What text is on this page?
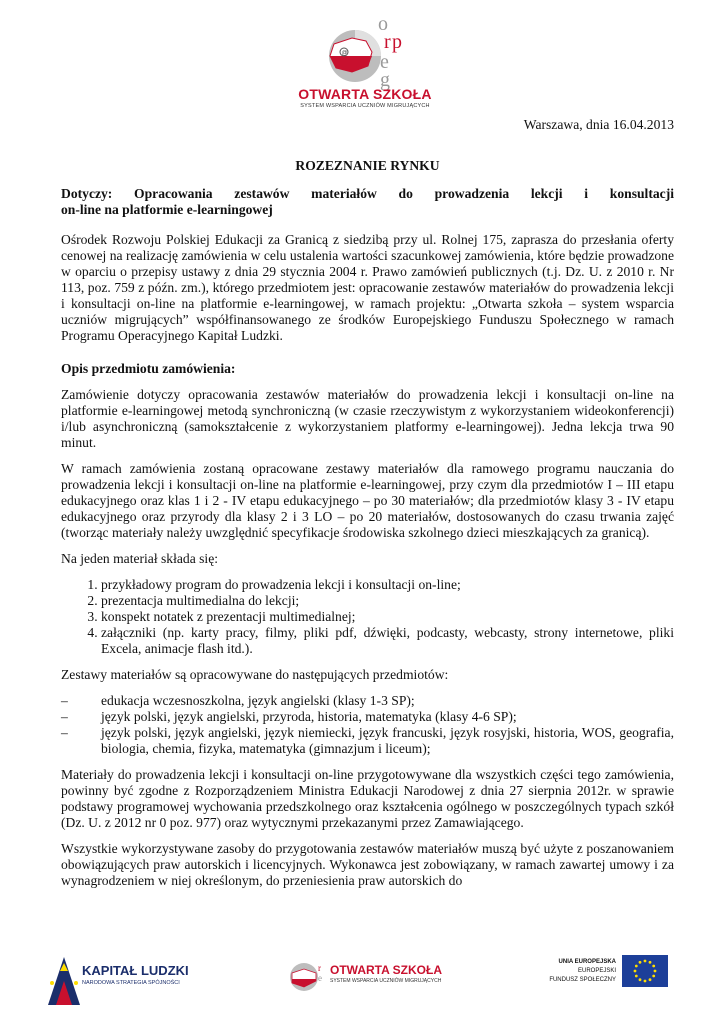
@
o
r p
e
g
OTWARTA SZKOŁA
SYSTEM WSPARCIA UCZNIÓW MIGRUJĄCYCH

Warszawa, dnia 16.04.2013

ROZEZNANIE RYNKU
Dotyczy: Opracowania zestawów materiałów do prowadzenia lekcji i konsultacji
on-line na platformie e-learningowej

Ośrodek Rozwoju Polskiej Edukacji za Granicą z siedzibą przy ul. Rolnej 175, zaprasza do przesłania oferty cenowej na realizację zamówienia w celu ustalenia wartości szacunkowej zamówienia, które będzie prowadzone w oparciu o przepisy ustawy z dnia 29 stycznia 2004 r. Prawo zamówień publicznych (t.j. Dz. U. z 2010 r. Nr 113, poz. 759 z późn. zm.), którego przedmiotem jest: opracowanie zestawów materiałów do prowadzenia lekcji i konsultacji on-line na platformie e-learningowej, w ramach projektu: „Otwarta szkoła – system wsparcia uczniów migrujących” współfinansowanego ze środków Europejskiego Funduszu Społecznego w ramach Programu Operacyjnego Kapitał Ludzki.

Opis przedmiotu zamówienia:

Zamówienie dotyczy opracowania zestawów materiałów do prowadzenia lekcji i konsultacji on-line na platformie e-learningowej metodą synchroniczną (w czasie rzeczywistym z wykorzystaniem wideokonferencji) i/lub asynchroniczną (samokształcenie z wykorzystaniem platformy e-learningowej). Jedna lekcja trwa 90 minut.

W ramach zamówienia zostaną opracowane zestawy materiałów dla ramowego programu nauczania do prowadzenia lekcji i konsultacji on-line na platformie e-learningowej, przy czym dla przedmiotów I – III etapu edukacyjnego oraz klas 1 i 2 - IV etapu edukacyjnego – po 30 materiałów; dla przedmiotów klasy 3 - IV etapu edukacyjnego oraz przyrody dla klasy 2 i 3 LO – po 20 materiałów, dostosowanych do czasu trwania zajęć (tworząc materiały należy uwzględnić specyfikacje środowiska szkolnego dzieci mieszkających za granicą).

Na jeden materiał składa się:

1. przykładowy program do prowadzenia lekcji i konsultacji on-line;
2. prezentacja multimedialna do lekcji;
3. konspekt notatek z prezentacji multimedialnej;
4. załączniki (np. karty pracy, filmy, pliki pdf, dźwięki, podcasty, webcasty, strony internetowe, pliki Excela, animacje flash itd.).

Zestawy materiałów są opracowywane do następujących przedmiotów:

– edukacja wczesnoszkolna, język angielski (klasy 1-3 SP);
– język polski, język angielski, przyroda, historia, matematyka (klasy 4-6 SP);
– język polski, język angielski, język niemiecki, język francuski, język rosyjski, historia, WOS, geografia, biologia, chemia, fizyka, matematyka (gimnazjum i liceum);

Materiały do prowadzenia lekcji i konsultacji on-line przygotowywane dla wszystkich części tego zamówienia, powinny być zgodne z Rozporządzeniem Ministra Edukacji Narodowej z dnia 27 sierpnia 2012r. w sprawie podstawy programowej wychowania przedszkolnego oraz kształcenia ogólnego w poszczególnych typach szkół (Dz. U. z 2012 nr 0 poz. 977) oraz wytycznymi przekazanymi przez Zamawiającego.

Wszystkie wykorzystywane zasoby do przygotowania zestawów materiałów muszą być użyte z poszanowaniem obowiązujących praw autorskich i licencyjnych. Wykonawca jest zobowiązany, w ramach zawartej umowy i za wynagrodzeniem w niej określonym, do przeniesienia praw autorskich do

KAPITAŁ LUDZKI
NARODOWA STRATEGIA SPÓJNOŚCI
r
e
OTWARTA SZKOŁA
SYSTEM WSPARCIA UCZNIÓW MIGRUJĄCYCH
UNIA EUROPEJSKA
EUROPEJSKI
FUNDUSZ SPOŁECZNY
